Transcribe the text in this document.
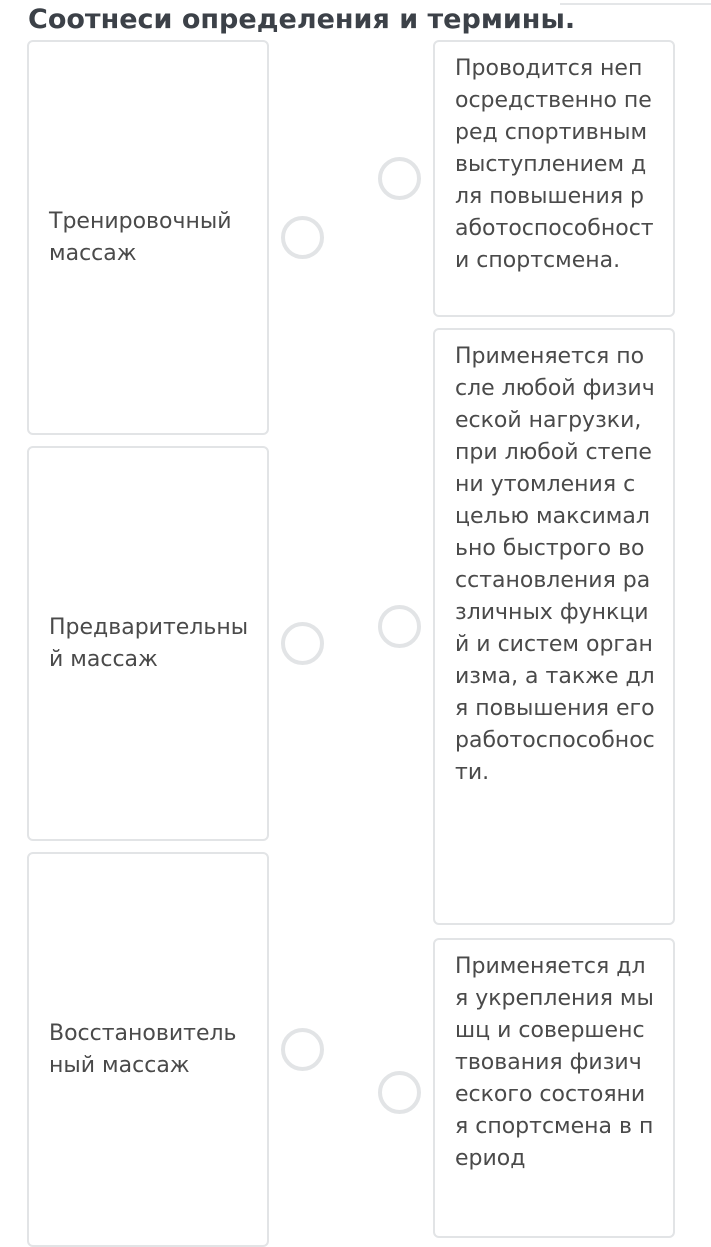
Соотнеси определения и термины.
Тренировочный массаж
Предварительный массаж
Восстановительный массаж
Проводится непосредственно перед спортивным выступлением для повышения работоспособности спортсмена.
Применяется после любой физической нагрузки, при любой степени утомления с целью максимально быстрого восстановления различных функций и систем организма, а также для повышения его работоспособности.
Применяется для укрепления мышц и совершенствования физического состояния спортсмена в период
